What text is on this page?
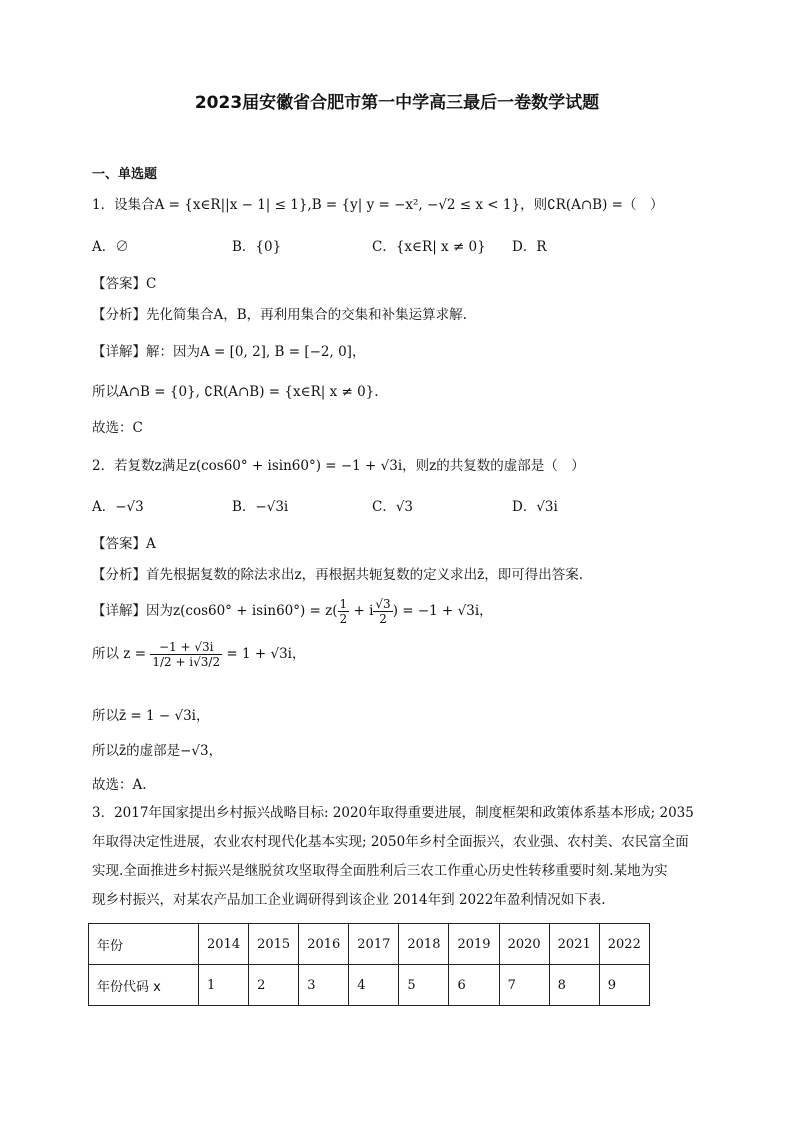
2023届安徽省合肥市第一中学高三最后一卷数学试题
一、单选题
1．设集合A = {x∈R||x − 1| ≤ 1},B = {y| y = −x², −√2 ≤ x < 1}，则∁R(A∩B) =（　）
A．∅	B．{0}	C．{x∈R| x ≠ 0} D．R
【答案】C
【分析】先化简集合A，B，再利用集合的交集和补集运算求解.
【详解】解：因为A = [0, 2], B = [−2, 0]，
所以A∩B = {0}, ∁R(A∩B) = {x∈R| x ≠ 0}.
故选：C
2．若复数z满足z(cos60° + isin60°) = −1 + √3i，则z的共复数的虚部是（　）
A．−√3	B．−√3i	C．√3	D．√3i
【答案】A
【分析】首先根据复数的除法求出z，再根据共轭复数的定义求出z̄，即可得出答案.
【详解】因为$z(\cos 60^\circ + isin60^\circ) = z( \frac{1}{2} + i \frac{√3}{2}$ ) = −1 + √3i，
所以 $z = \frac{-1 + √3i}{1/2 + i√3/2} = 1 + √3i$，
所以z̄ = 1 − √3i，
所以z̄的虚部是−√3，
故选：A.
3．2017年国家提出乡村振兴战略目标: 2020年取得重要进展，制度框架和政策体系基本形成; 2035
年取得决定性进展，农业农村现代化基本实现; 2050年乡村全面振兴，农业强、农村美、农民富全面
实现.全面推进乡村振兴是继脱贫攻坚取得全面胜利后三农工作重心历史性转移重要时刻.某地为实
现乡村振兴，对某农产品加工企业调研得到该企业 2014年到 2022年盈利情况如下表.
年份	2014	2015	2016	2017	2018	2019	2020	2021	2022
年份代码 x	1	2	3	4	5	6	7	8	9
